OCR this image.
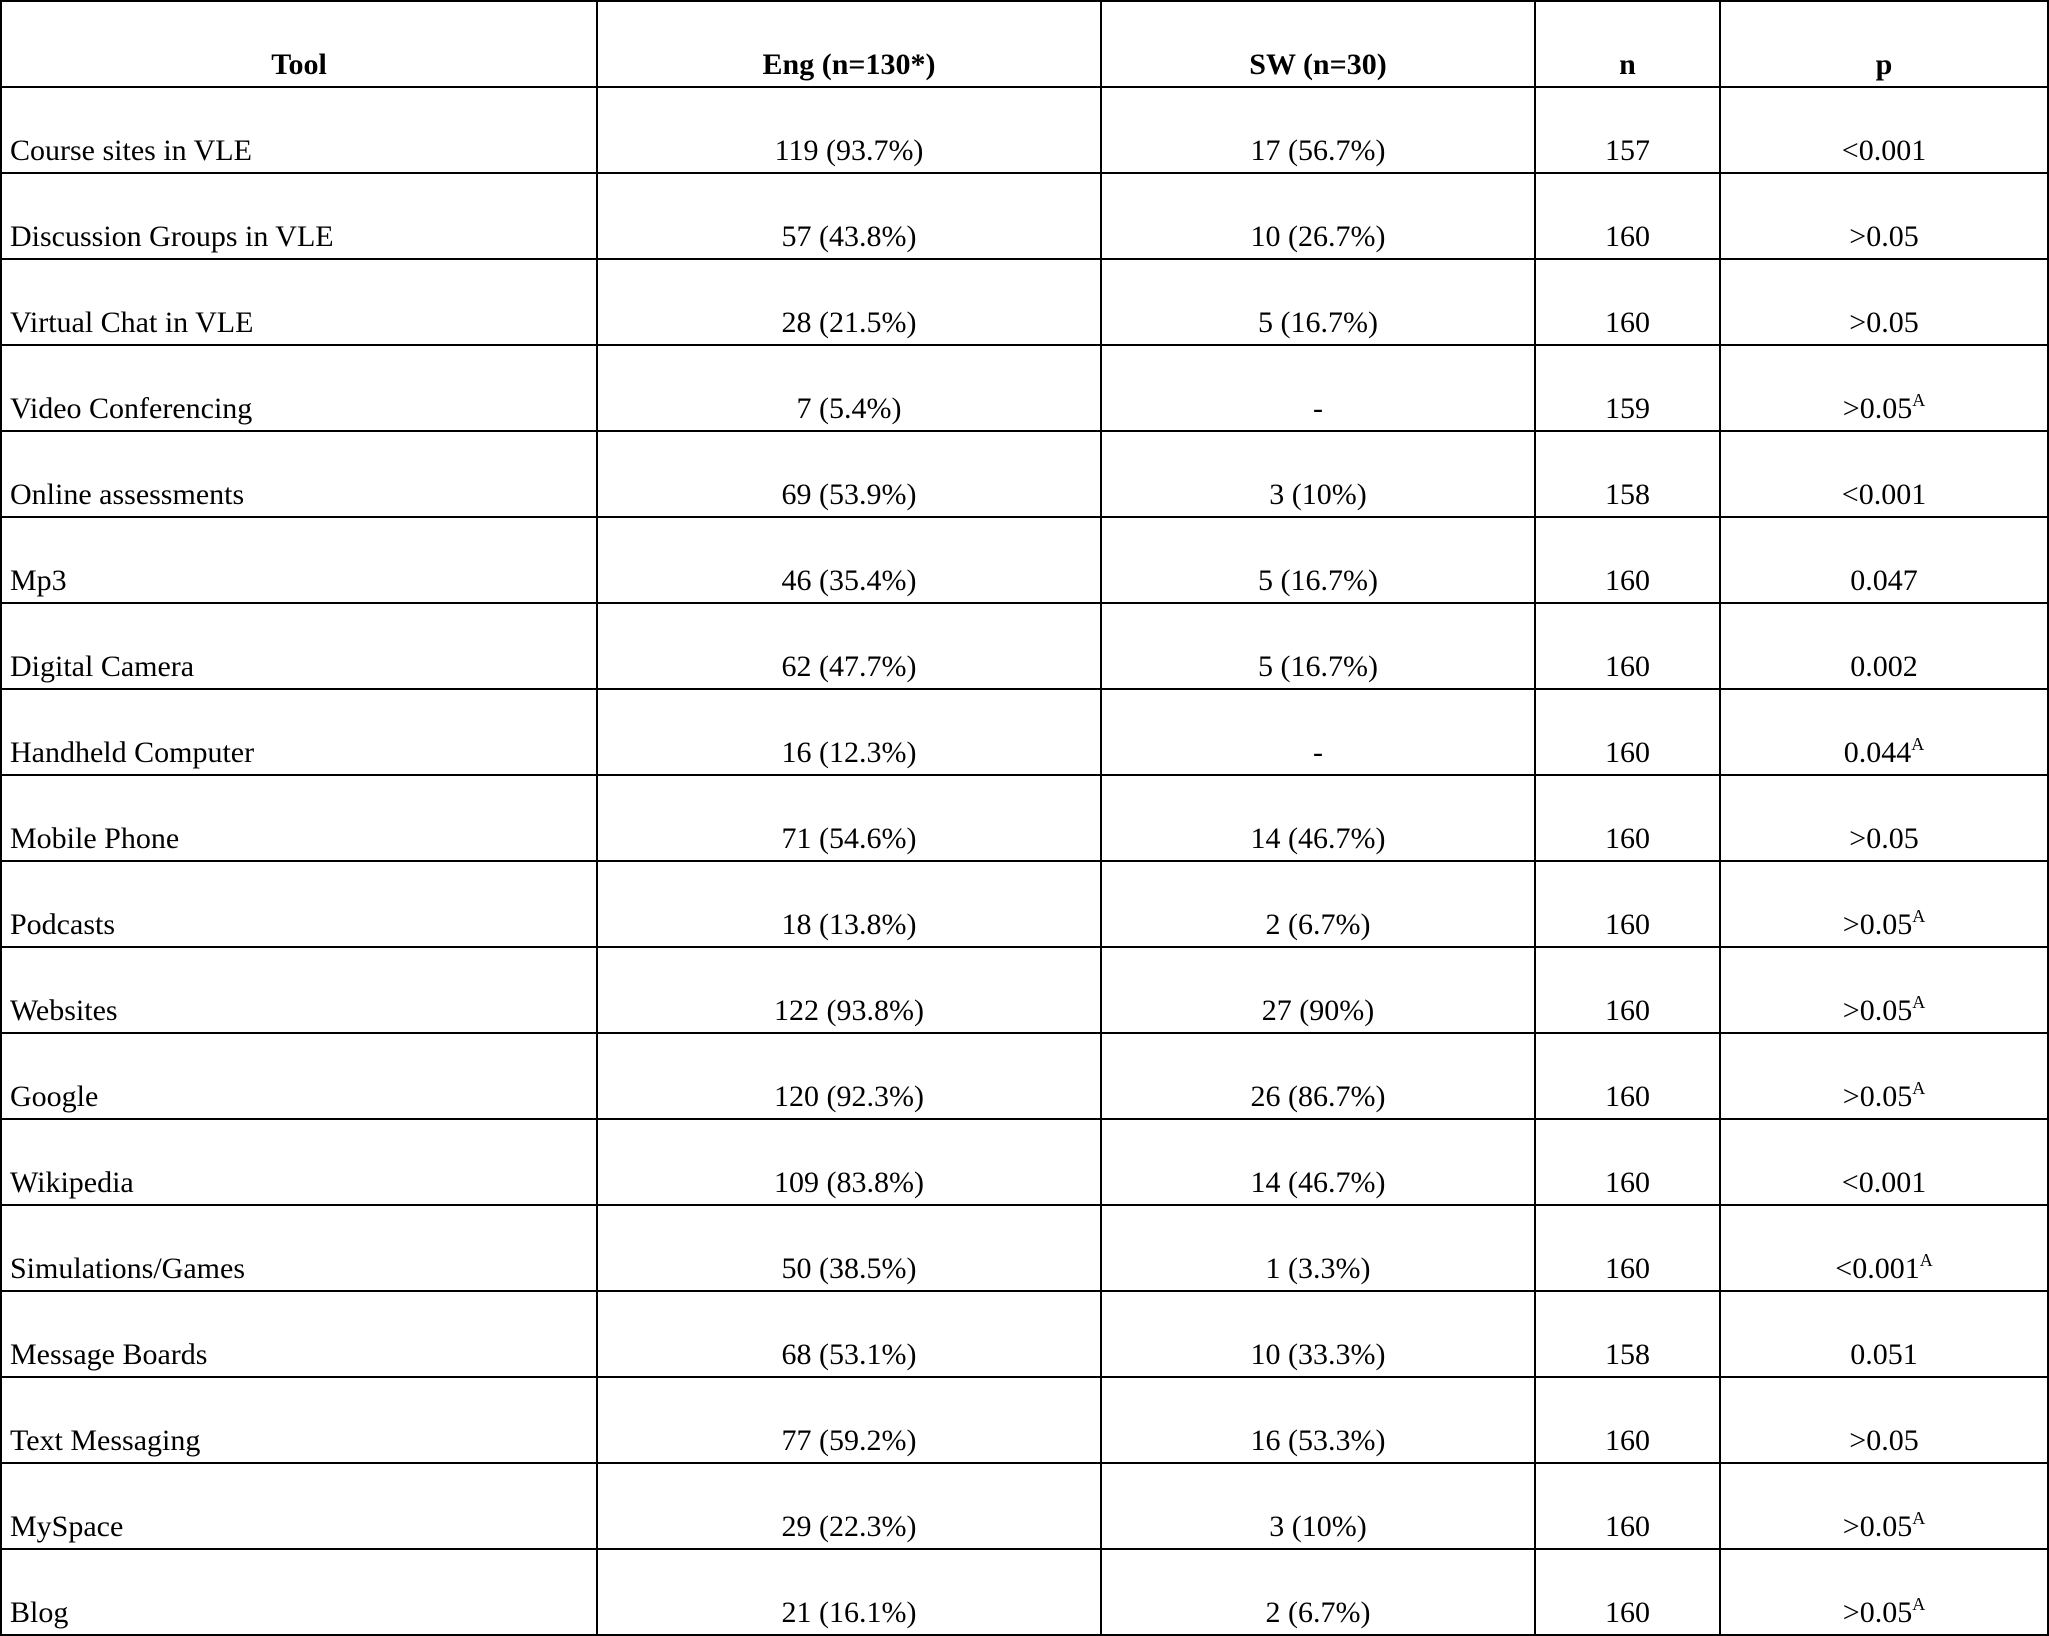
Tool	Eng (n=130*)	SW (n=30)	n	p
Course sites in VLE	119 (93.7%)	17 (56.7%)	157	<0.001
Discussion Groups in VLE	57 (43.8%)	10 (26.7%)	160	>0.05
Virtual Chat in VLE	28 (21.5%)	5 (16.7%)	160	>0.05
Video Conferencing	7 (5.4%)	-	159	>0.05$^A$
Online assessments	69 (53.9%)	3 (10%)	158	<0.001
Mp3	46 (35.4%)	5 (16.7%)	160	0.047
Digital Camera	62 (47.7%)	5 (16.7%)	160	0.002
Handheld Computer	16 (12.3%)	-	160	0.044$^A$
Mobile Phone	71 (54.6%)	14 (46.7%)	160	>0.05
Podcasts	18 (13.8%)	2 (6.7%)	160	>0.05$^A$
Websites	122 (93.8%)	27 (90%)	160	>0.05$^A$
Google	120 (92.3%)	26 (86.7%)	160	>0.05$^A$
Wikipedia	109 (83.8%)	14 (46.7%)	160	<0.001
Simulations/Games	50 (38.5%)	1 (3.3%)	160	<0.001$^A$
Message Boards	68 (53.1%)	10 (33.3%)	158	0.051
Text Messaging	77 (59.2%)	16 (53.3%)	160	>0.05
MySpace	29 (22.3%)	3 (10%)	160	>0.05$^A$
Blog	21 (16.1%)	2 (6.7%)	160	>0.05$^A$
